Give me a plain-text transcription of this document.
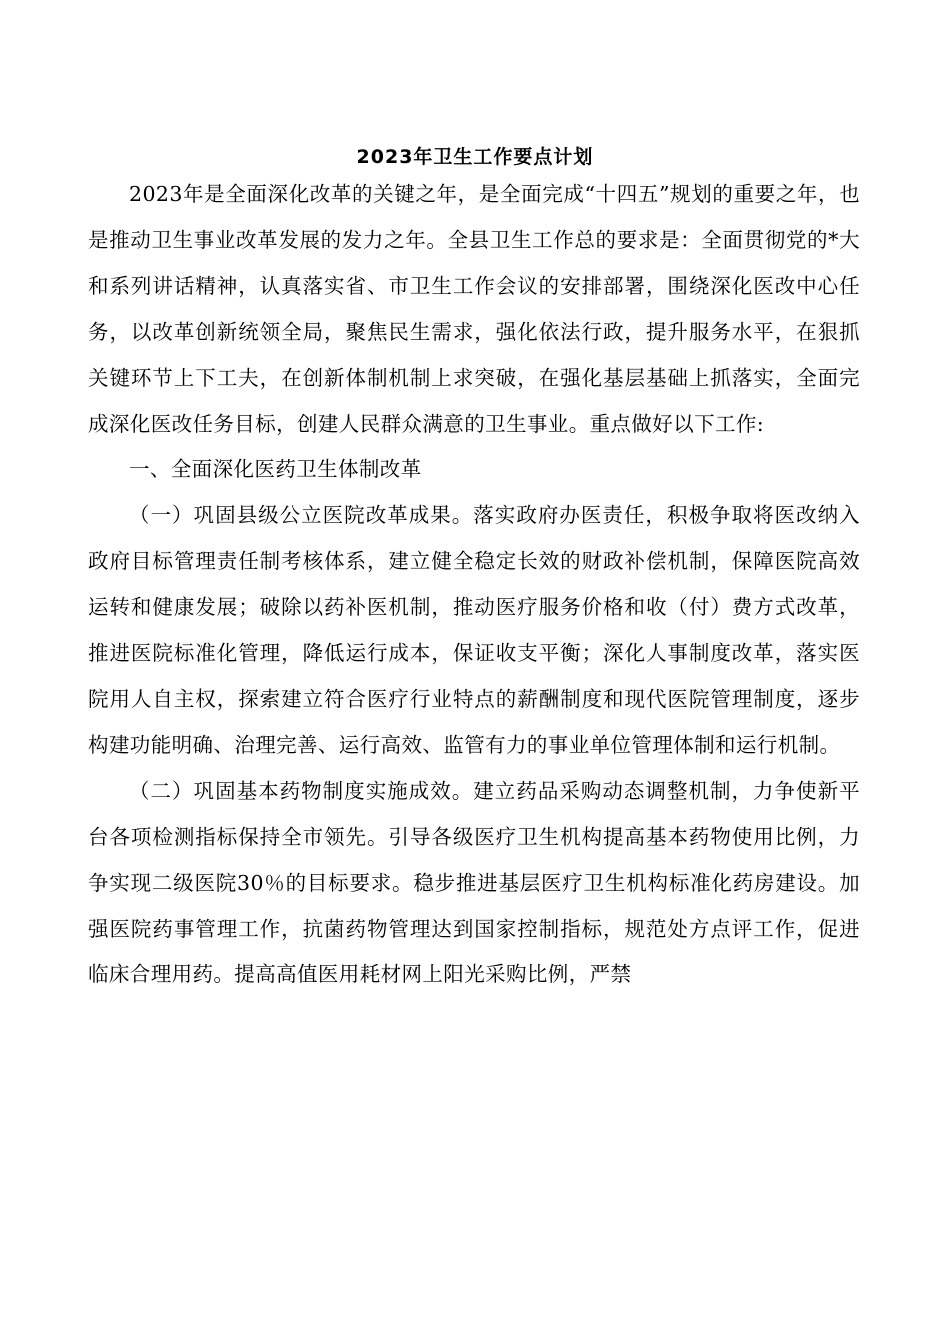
2023年卫生工作要点计划

2023年是全面深化改革的关键之年，是全面完成“十四五”规划的重要之年，也是推动卫生事业改革发展的发力之年。全县卫生工作总的要求是：全面贯彻党的*大和系列讲话精神，认真落实省、市卫生工作会议的安排部署，围绕深化医改中心任务，以改革创新统领全局，聚焦民生需求，强化依法行政，提升服务水平，在狠抓关键环节上下工夫，在创新体制机制上求突破，在强化基层基础上抓落实，全面完成深化医改任务目标，创建人民群众满意的卫生事业。重点做好以下工作:

一、全面深化医药卫生体制改革

（一）巩固县级公立医院改革成果。落实政府办医责任，积极争取将医改纳入政府目标管理责任制考核体系，建立健全稳定长效的财政补偿机制，保障医院高效运转和健康发展；破除以药补医机制，推动医疗服务价格和收（付）费方式改革，推进医院标准化管理，降低运行成本，保证收支平衡；深化人事制度改革，落实医院用人自主权，探索建立符合医疗行业特点的薪酬制度和现代医院管理制度，逐步构建功能明确、治理完善、运行高效、监管有力的事业单位管理体制和运行机制。

（二）巩固基本药物制度实施成效。建立药品采购动态调整机制，力争使新平台各项检测指标保持全市领先。引导各级医疗卫生机构提高基本药物使用比例，力争实现二级医院30％的目标要求。稳步推进基层医疗卫生机构标准化药房建设。加强医院药事管理工作，抗菌药物管理达到国家控制指标，规范处方点评工作，促进临床合理用药。提高高值医用耗材网上阳光采购比例，严禁
